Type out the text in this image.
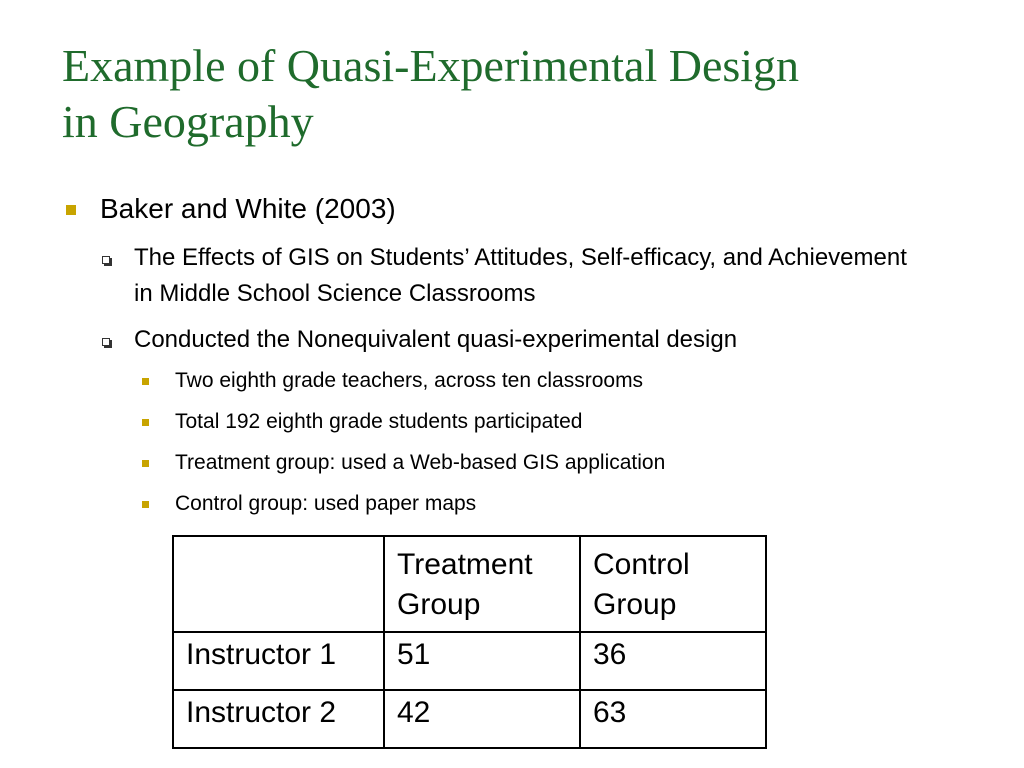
Example of Quasi-Experimental Design
in Geography
Baker and White (2003)
The Effects of GIS on Students’ Attitudes, Self-efficacy, and Achievement in Middle School Science Classrooms
Conducted the Nonequivalent quasi-experimental design
Two eighth grade teachers, across ten classrooms
Total 192 eighth grade students participated
Treatment group: used a Web-based GIS application
Control group: used paper maps
	Treatment Group	Control Group
Instructor 1	51	36
Instructor 2	42	63
